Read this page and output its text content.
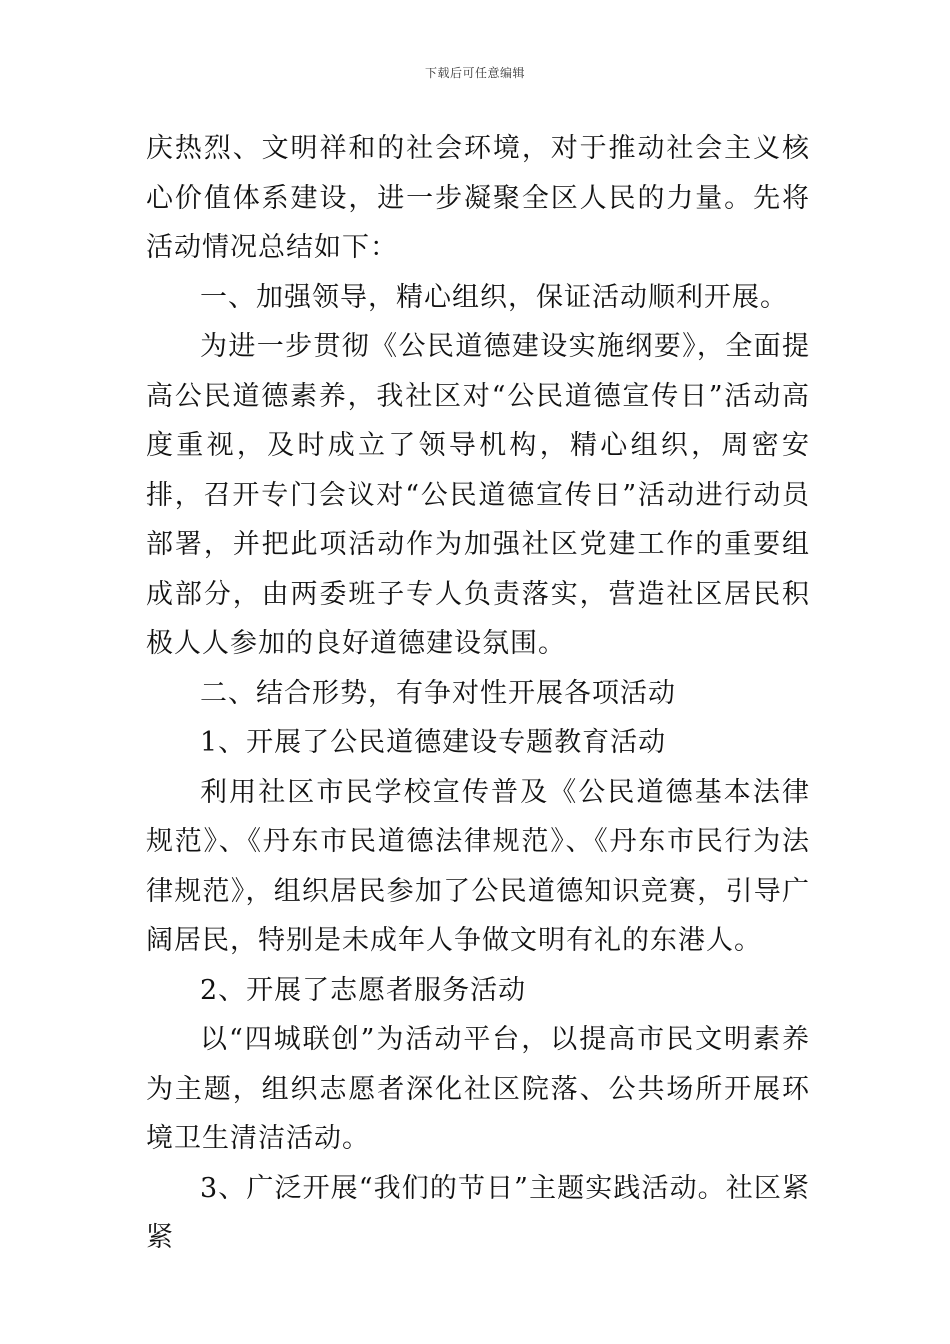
下载后可任意编辑

庆热烈、文明祥和的社会环境，对于推动社会主义核心价值体系建设，进一步凝聚全区人民的力量。先将活动情况总结如下：

一、加强领导，精心组织，保证活动顺利开展。

为进一步贯彻《公民道德建设实施纲要》，全面提高公民道德素养，我社区对“公民道德宣传日”活动高度重视，及时成立了领导机构，精心组织，周密安排，召开专门会议对“公民道德宣传日”活动进行动员部署，并把此项活动作为加强社区党建工作的重要组成部分，由两委班子专人负责落实，营造社区居民积极人人参加的良好道德建设氛围。

二、结合形势，有争对性开展各项活动

1、开展了公民道德建设专题教育活动

利用社区市民学校宣传普及《公民道德基本法律规范》、《丹东市民道德法律规范》、《丹东市民行为法律规范》，组织居民参加了公民道德知识竞赛，引导广阔居民，特别是未成年人争做文明有礼的东港人。

2、开展了志愿者服务活动

以“四城联创”为活动平台，以提高市民文明素养为主题，组织志愿者深化社区院落、公共场所开展环境卫生清洁活动。

3、广泛开展“我们的节日”主题实践活动。社区紧紧
